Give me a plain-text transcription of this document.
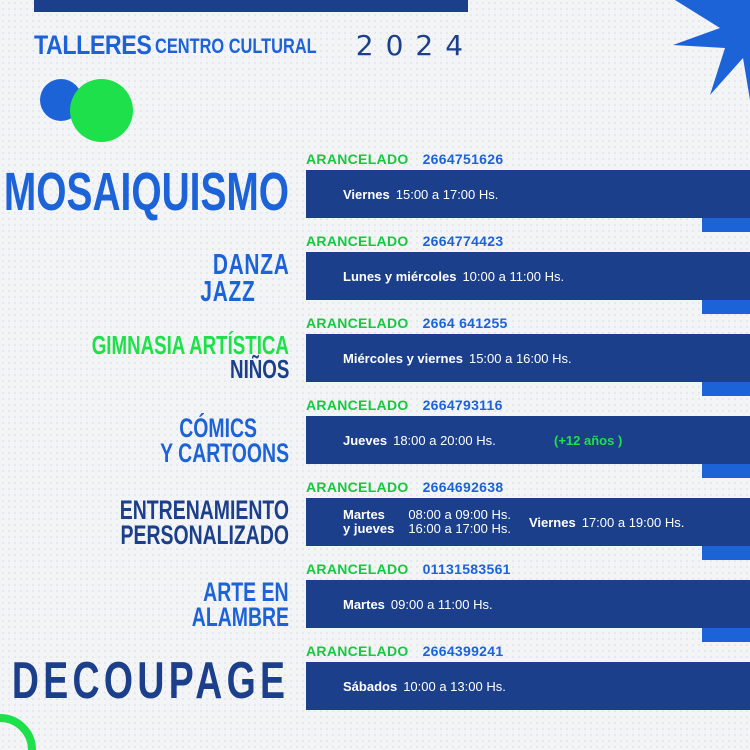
TALLERES CENTRO CULTURAL 2024
ARANCELADO 2664751626
Viernes 15:00 a 17:00 Hs.
MOSAIQUISMO
ARANCELADO 2664774423
Lunes y miércoles 10:00 a 11:00 Hs.
DANZA
JAZZ
ARANCELADO 2664 641255
Miércoles y viernes 15:00 a 16:00 Hs.
GIMNASIA ARTÍSTICA
NIÑOS
ARANCELADO 2664793116
Jueves 18:00 a 20:00 Hs.	(+12 años )
CÓMICS
Y CARTOONS
ARANCELADO 2664692638
Martes
y jueves
08:00 a 09:00 Hs.
16:00 a 17:00 Hs. Viernes 17:00 a 19:00 Hs.
ENTRENAMIENTO
PERSONALIZADO
ARANCELADO 01131583561
Martes 09:00 a 11:00 Hs.
ARTE EN
ALAMBRE
ARANCELADO 2664399241
Sábados 10:00 a 13:00 Hs.
DECOUPAGE
